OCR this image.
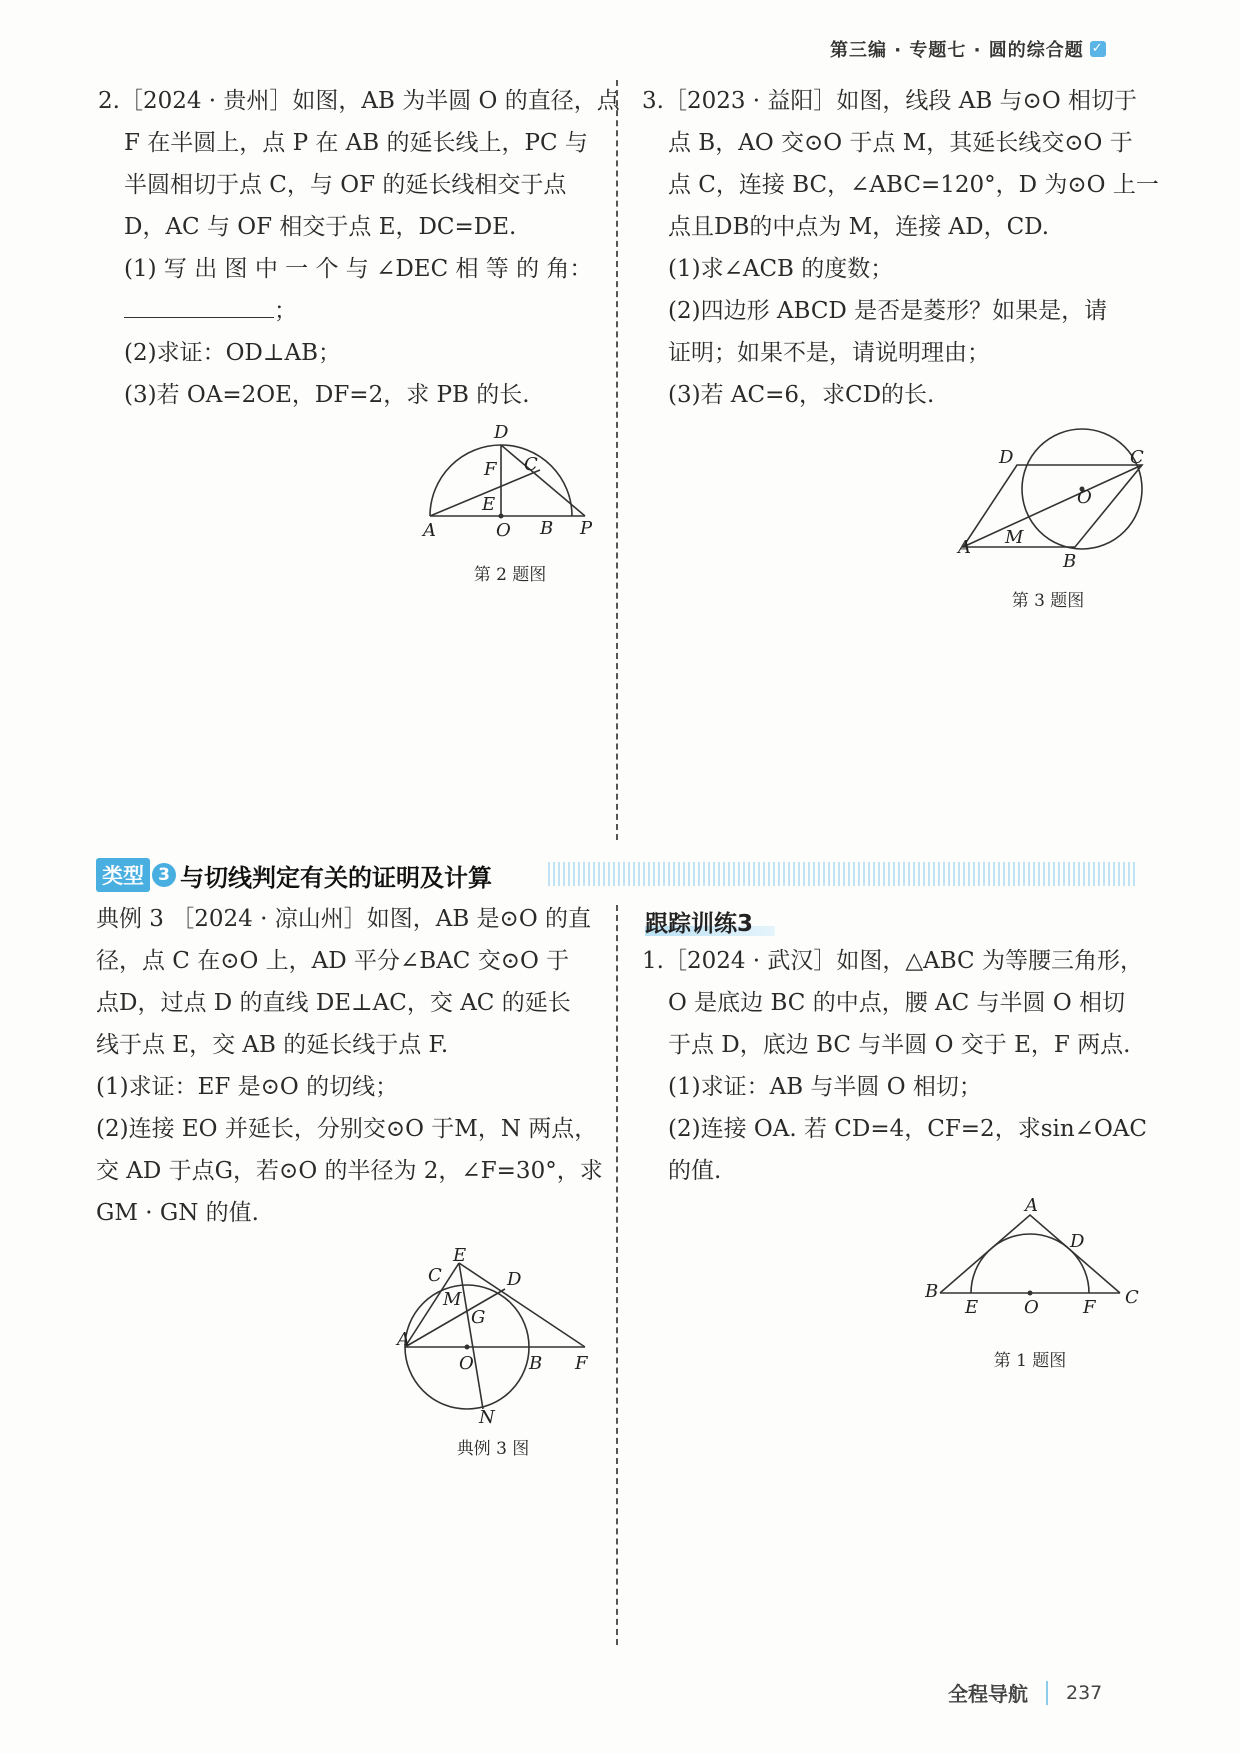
第三编 · 专题七 · 圆的综合题 ✓

2.［2024 · 贵州］如图，AB 为半圆 O 的直径，点

F 在半圆上，点 P 在 AB 的延长线上，PC 与

半圆相切于点 C，与 OF 的延长线相交于点

D，AC 与 OF 相交于点 E，DC=DE.

(1) 写 出 图 中 一 个 与 ∠DEC 相 等 的 角：

；

(2)求证：OD⊥AB；

(3)若 OA=2OE，DF=2，求 PB 的长.

D
F C
E
A	O B P
第 2 题图

3.［2023 · 益阳］如图，线段 AB 与⊙O 相切于

点 B，AO 交⊙O 于点 M，其延长线交⊙O 于

点 C，连接 BC，∠ABC=120°，D 为⊙O 上一

点且DB的中点为 M，连接 AD，CD.

(1)求∠ACB 的度数；

(2)四边形 ABCD 是否是菱形？如果是，请

证明；如果不是，请说明理由；

(3)若 AC=6，求CD的长.

D	C
O
A M
B
第 3 题图
类型 3 与切线判定有关的证明及计算

典例 3 ［2024 · 凉山州］如图，AB 是⊙O 的直

径，点 C 在⊙O 上，AD 平分∠BAC 交⊙O 于

点D，过点 D 的直线 DE⊥AC，交 AC 的延长

线于点 E，交 AB 的延长线于点 F.

(1)求证：EF 是⊙O 的切线；

(2)连接 EO 并延长，分别交⊙O 于M，N 两点，

交 AD 于点G，若⊙O 的半径为 2，∠F=30°，求

GM · GN 的值.

E
C	D
M
G
A
O	B F
N
典例 3 图
跟踪训练3

1.［2024 · 武汉］如图，△ABC 为等腰三角形，

O 是底边 BC 的中点，腰 AC 与半圆 O 相切

于点 D，底边 BC 与半圆 O 交于 E，F 两点.

(1)求证：AB 与半圆 O 相切；

(2)连接 OA. 若 CD=4，CF=2，求sin∠OAC

的值.

A
D
B
E	O F C
第 1 题图
全程导航 237
